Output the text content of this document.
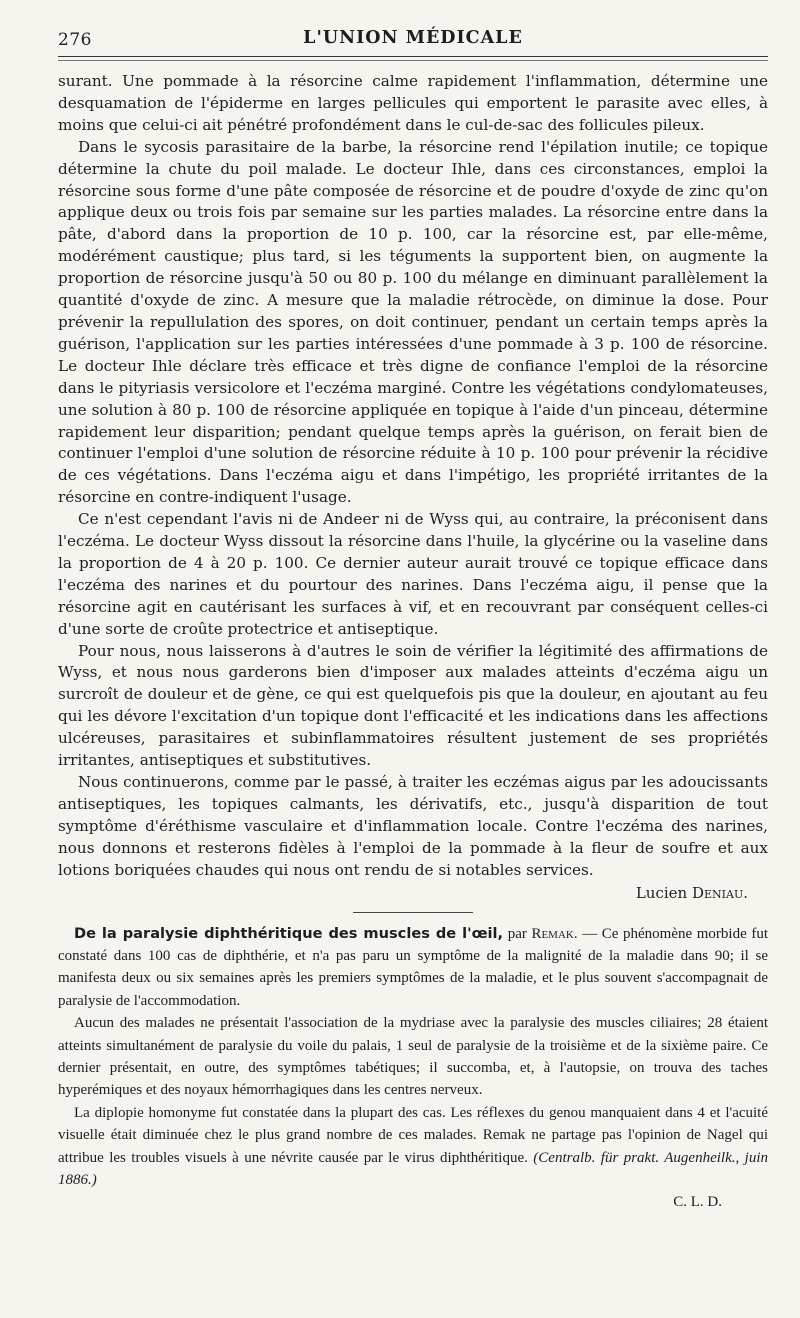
276	L'UNION MÉDICALE

surant. Une pommade à la résorcine calme rapidement l'inflammation, détermine une desquamation de l'épiderme en larges pellicules qui emportent le parasite avec elles, à moins que celui-ci ait pénétré profondément dans le cul-de-sac des follicules pileux.

Dans le sycosis parasitaire de la barbe, la résorcine rend l'épilation inutile; ce topique détermine la chute du poil malade. Le docteur Ihle, dans ces circonstances, emploi la résorcine sous forme d'une pâte composée de résorcine et de poudre d'oxyde de zinc qu'on applique deux ou trois fois par semaine sur les parties malades. La résorcine entre dans la pâte, d'abord dans la proportion de 10 p. 100, car la résorcine est, par elle-même, modérément caustique; plus tard, si les téguments la supportent bien, on augmente la proportion de résorcine jusqu'à 50 ou 80 p. 100 du mélange en diminuant parallèlement la quantité d'oxyde de zinc. A mesure que la maladie rétrocède, on diminue la dose. Pour prévenir la repullulation des spores, on doit continuer, pendant un certain temps après la guérison, l'application sur les parties intéressées d'une pommade à 3 p. 100 de résorcine. Le docteur Ihle déclare très efficace et très digne de confiance l'emploi de la résorcine dans le pityriasis versicolore et l'eczéma marginé. Contre les végétations condylomateuses, une solution à 80 p. 100 de résorcine appliquée en topique à l'aide d'un pinceau, détermine rapidement leur disparition; pendant quelque temps après la guérison, on ferait bien de continuer l'emploi d'une solution de résorcine réduite à 10 p. 100 pour prévenir la récidive de ces végétations. Dans l'eczéma aigu et dans l'impétigo, les propriété irritantes de la résorcine en contre-indiquent l'usage.

Ce n'est cependant l'avis ni de Andeer ni de Wyss qui, au contraire, la préconisent dans l'eczéma. Le docteur Wyss dissout la résorcine dans l'huile, la glycérine ou la vaseline dans la proportion de 4 à 20 p. 100. Ce dernier auteur aurait trouvé ce topique efficace dans l'eczéma des narines et du pourtour des narines. Dans l'eczéma aigu, il pense que la résorcine agit en cautérisant les surfaces à vif, et en recouvrant par conséquent celles-ci d'une sorte de croûte protectrice et antiseptique.

Pour nous, nous laisserons à d'autres le soin de vérifier la légitimité des affirmations de Wyss, et nous nous garderons bien d'imposer aux malades atteints d'eczéma aigu un surcroît de douleur et de gène, ce qui est quelquefois pis que la douleur, en ajoutant au feu qui les dévore l'excitation d'un topique dont l'efficacité et les indications dans les affections ulcéreuses, parasitaires et subinflammatoires résultent justement de ses propriétés irritantes, antiseptiques et substitutives.

Nous continuerons, comme par le passé, à traiter les eczémas aigus par les adoucissants antiseptiques, les topiques calmants, les dérivatifs, etc., jusqu'à disparition de tout symptôme d'éréthisme vasculaire et d'inflammation locale. Contre l'eczéma des narines, nous donnons et resterons fidèles à l'emploi de la pommade à la fleur de soufre et aux lotions boriquées chaudes qui nous ont rendu de si notables services.

Lucien Deniau.

De la paralysie diphthéritique des muscles de l'œil, par Remak. — Ce phénomène morbide fut constaté dans 100 cas de diphthérie, et n'a pas paru un symptôme de la malignité de la maladie dans 90; il se manifesta deux ou six semaines après les premiers symptômes de la maladie, et le plus souvent s'accompagnait de paralysie de l'accommodation.

Aucun des malades ne présentait l'association de la mydriase avec la paralysie des muscles ciliaires; 28 étaient atteints simultanément de paralysie du voile du palais, 1 seul de paralysie de la troisième et de la sixième paire. Ce dernier présentait, en outre, des symptômes tabétiques; il succomba, et, à l'autopsie, on trouva des taches hyperémiques et des noyaux hémorrhagiques dans les centres nerveux.

La diplopie homonyme fut constatée dans la plupart des cas. Les réflexes du genou manquaient dans 4 et l'acuité visuelle était diminuée chez le plus grand nombre de ces malades. Remak ne partage pas l'opinion de Nagel qui attribue les troubles visuels à une névrite causée par le virus diphthéritique. (Centralb. für prakt. Augenheilk., juin 1886.)

C. L. D.
